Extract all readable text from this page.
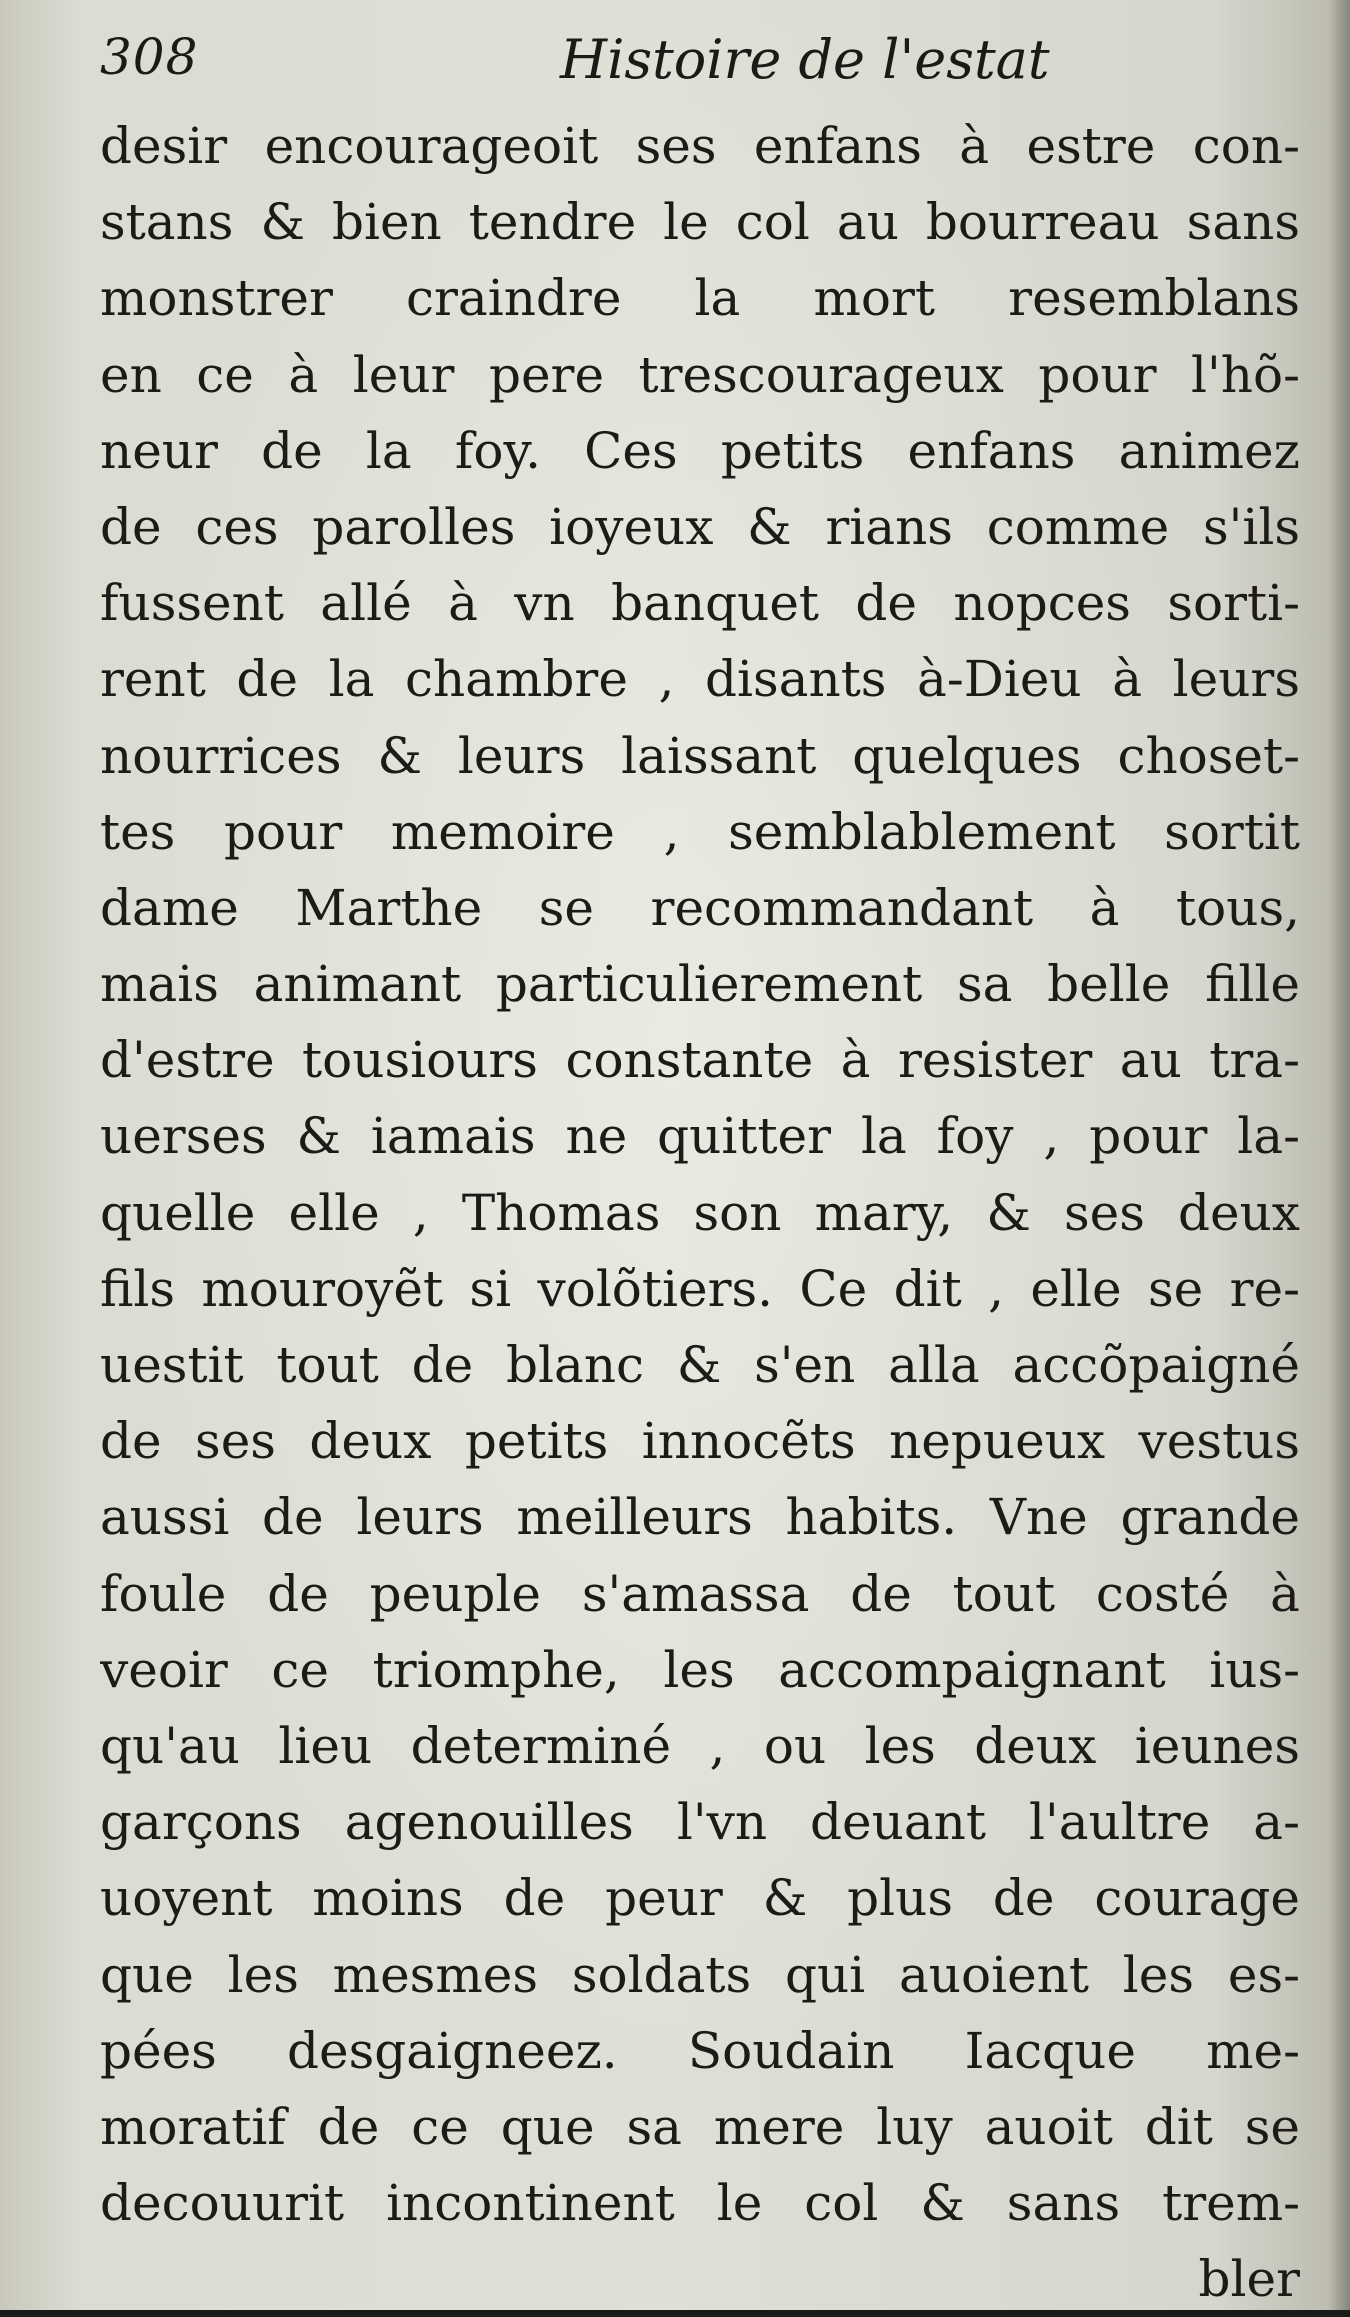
308	Histoire de l'estat
desir encourageoit ses enfans à estre con-
stans & bien tendre le col au bourreau sans
monstrer craindre la mort resemblans
en ce à leur pere trescourageux pour l'hõ-
neur de la foy. Ces petits enfans animez
de ces parolles ioyeux & rians comme s'ils
fussent allé à vn banquet de nopces sorti-
rent de la chambre , disants à-Dieu à leurs
nourrices & leurs laissant quelques choset-
tes pour memoire , semblablement sortit
dame Marthe se recommandant à tous,
mais animant particulierement sa belle fille
d'estre tousiours constante à resister au tra-
uerses & iamais ne quitter la foy , pour la-
quelle elle , Thomas son mary, & ses deux
fils mouroyẽt si volõtiers. Ce dit , elle se re-
uestit tout de blanc & s'en alla accõpaigné
de ses deux petits innocẽts nepueux vestus
aussi de leurs meilleurs habits. Vne grande
foule de peuple s'amassa de tout costé à
veoir ce triomphe, les accompaignant ius-
qu'au lieu determiné , ou les deux ieunes
garçons agenouilles l'vn deuant l'aultre a-
uoyent moins de peur & plus de courage
que les mesmes soldats qui auoient les es-
pées desgaigneez. Soudain Iacque me-
moratif de ce que sa mere luy auoit dit se
decouurit incontinent le col & sans trem-
bler
